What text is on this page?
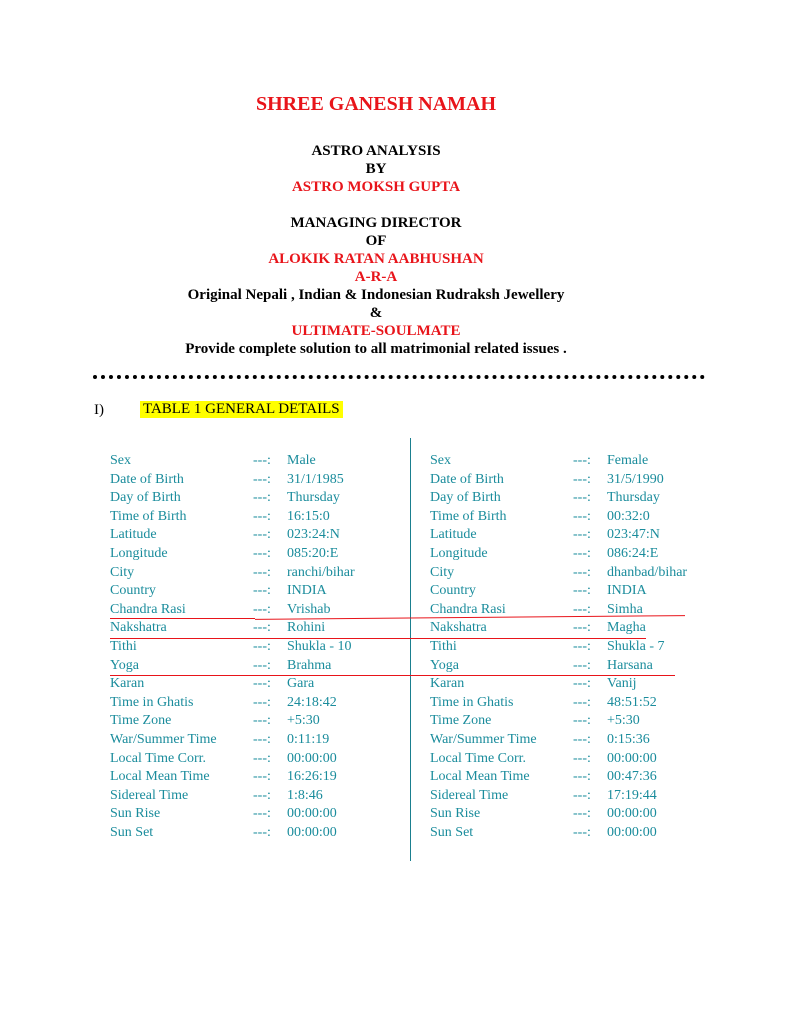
SHREE GANESH NAMAH
ASTRO ANALYSIS
BY
ASTRO MOKSH GUPTA
MANAGING DIRECTOR
OF
ALOKIK RATAN AABHUSHAN
A-R-A
Original Nepali , Indian & Indonesian Rudraksh Jewellery
&
ULTIMATE-SOULMATE
Provide complete solution to all matrimonial related issues .
I)	TABLE 1 GENERAL DETAILS
Sex	---: Male
Date of Birth	---: 31/1/1985
Day of Birth	---: Thursday
Time of Birth	---: 16:15:0
Latitude	---: 023:24:N
Longitude	---: 085:20:E
City	---: ranchi/bihar
Country	---: INDIA
Chandra Rasi	---: Vrishab
Nakshatra	---: Rohini
Tithi	---: Shukla - 10
Yoga	---: Brahma
Karan	---: Gara
Time in Ghatis	---: 24:18:42
Time Zone	---: +5:30
War/Summer Time	---: 0:11:19
Local Time Corr.	---: 00:00:00
Local Mean Time	---: 16:26:19
Sidereal Time	---: 1:8:46
Sun Rise	---: 00:00:00
Sun Set	---: 00:00:00
Sex	---: Female
Date of Birth	---: 31/5/1990
Day of Birth	---: Thursday
Time of Birth	---: 00:32:0
Latitude	---: 023:47:N
Longitude	---: 086:24:E
City	---: dhanbad/bihar
Country	---: INDIA
Chandra Rasi	---: Simha
Nakshatra	---: Magha
Tithi	---: Shukla - 7
Yoga	---: Harsana
Karan	---: Vanij
Time in Ghatis	---: 48:51:52
Time Zone	---: +5:30
War/Summer Time	---: 0:15:36
Local Time Corr.	---: 00:00:00
Local Mean Time	---: 00:47:36
Sidereal Time	---: 17:19:44
Sun Rise	---: 00:00:00
Sun Set	---: 00:00:00
